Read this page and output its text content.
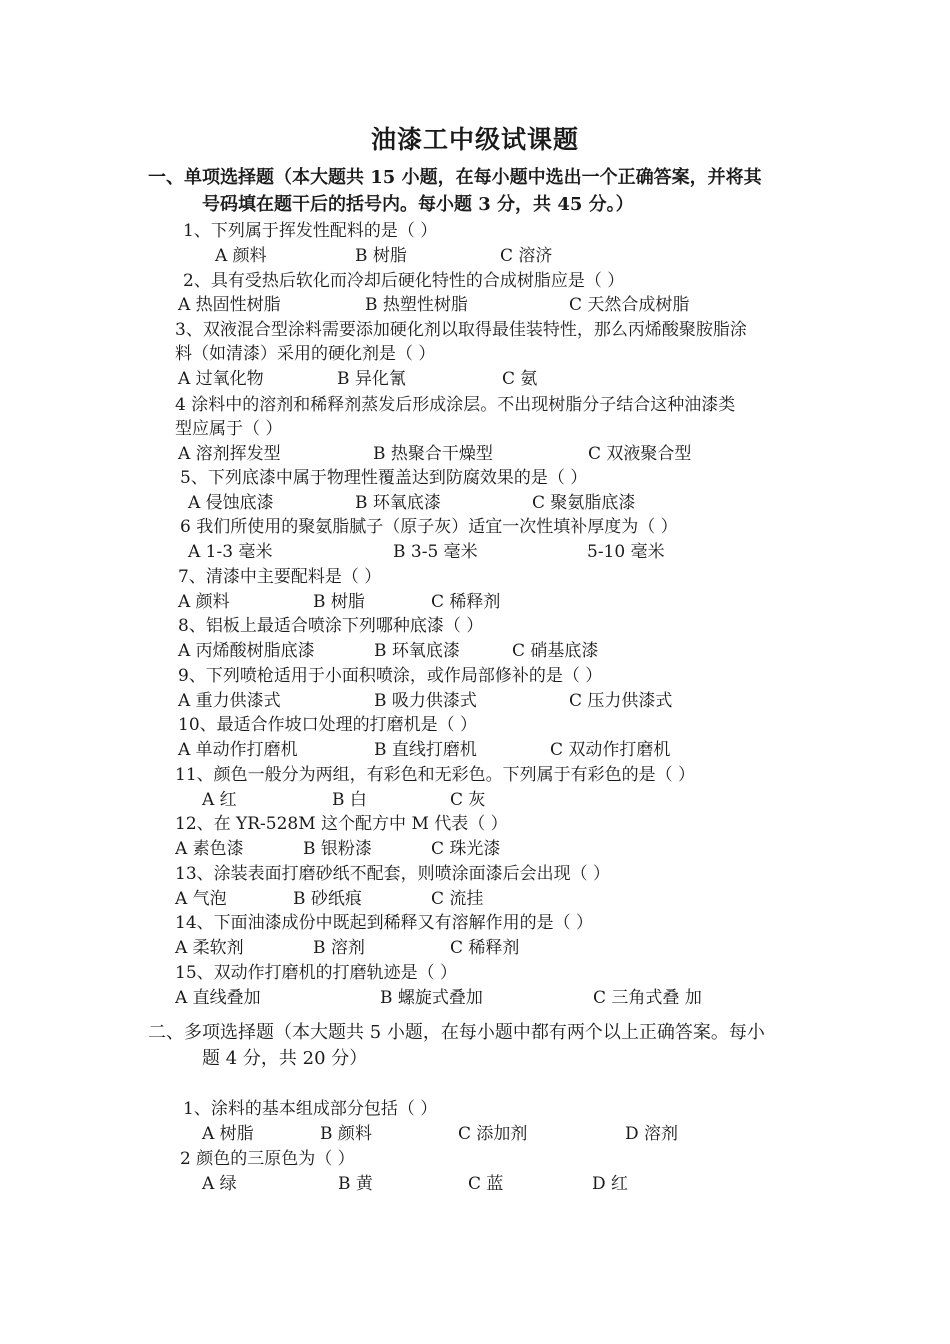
油漆工中级试课题
一、单项选择题（本大题共 15 小题，在每小题中选出一个正确答案，并将其
号码填在题干后的括号内。每小题 3 分，共 45 分。）
1、下列属于挥发性配料的是（ ）
A 颜料	B 树脂	C 溶济
2、具有受热后软化而冷却后硬化特性的合成树脂应是（ ）
A 热固性树脂	B 热塑性树脂	C 天然合成树脂
3、双液混合型涂料需要添加硬化剂以取得最佳装特性，那么丙烯酸聚胺脂涂
料（如清漆）采用的硬化剂是（ ）
A 过氧化物	B 异化氰	C 氨
4 涂料中的溶剂和稀释剂蒸发后形成涂层。不出现树脂分子结合这种油漆类
型应属于（ ）
A 溶剂挥发型	B 热聚合干燥型	C 双液聚合型
5、下列底漆中属于物理性覆盖达到防腐效果的是（ ）
A 侵蚀底漆	B 环氧底漆	C 聚氨脂底漆
6 我们所使用的聚氨脂腻子（原子灰）适宜一次性填补厚度为（ ）
A 1-3 毫米	B 3-5 毫米	5-10 毫米
7、清漆中主要配料是（ ）
A 颜料	B 树脂	C 稀释剂
8、铝板上最适合喷涂下列哪种底漆（ ）
A 丙烯酸树脂底漆	B 环氧底漆	C 硝基底漆
9、下列喷枪适用于小面积喷涂，或作局部修补的是（ ）
A 重力供漆式	B 吸力供漆式	C 压力供漆式
10、最适合作坡口处理的打磨机是（ ）
A 单动作打磨机	B 直线打磨机	C 双动作打磨机
11、颜色一般分为两组，有彩色和无彩色。下列属于有彩色的是（ ）
A 红	B 白	C 灰
12、在 YR-528M 这个配方中 M 代表（ ）
A 素色漆	B 银粉漆	C 珠光漆
13、涂装表面打磨砂纸不配套，则喷涂面漆后会出现（ ）
A 气泡	B 砂纸痕	C 流挂
14、下面油漆成份中既起到稀释又有溶解作用的是（ ）
A 柔软剂	B 溶剂	C 稀释剂
15、双动作打磨机的打磨轨迹是（ ）
A 直线叠加	B 螺旋式叠加	C 三角式叠 加
二、多项选择题（本大题共 5 小题，在每小题中都有两个以上正确答案。每小
题 4 分，共 20 分）
1、涂料的基本组成部分包括（ ）
A 树脂	B 颜料	C 添加剂	D 溶剂
2 颜色的三原色为（ ）
A 绿	B 黄	C 蓝	D 红
